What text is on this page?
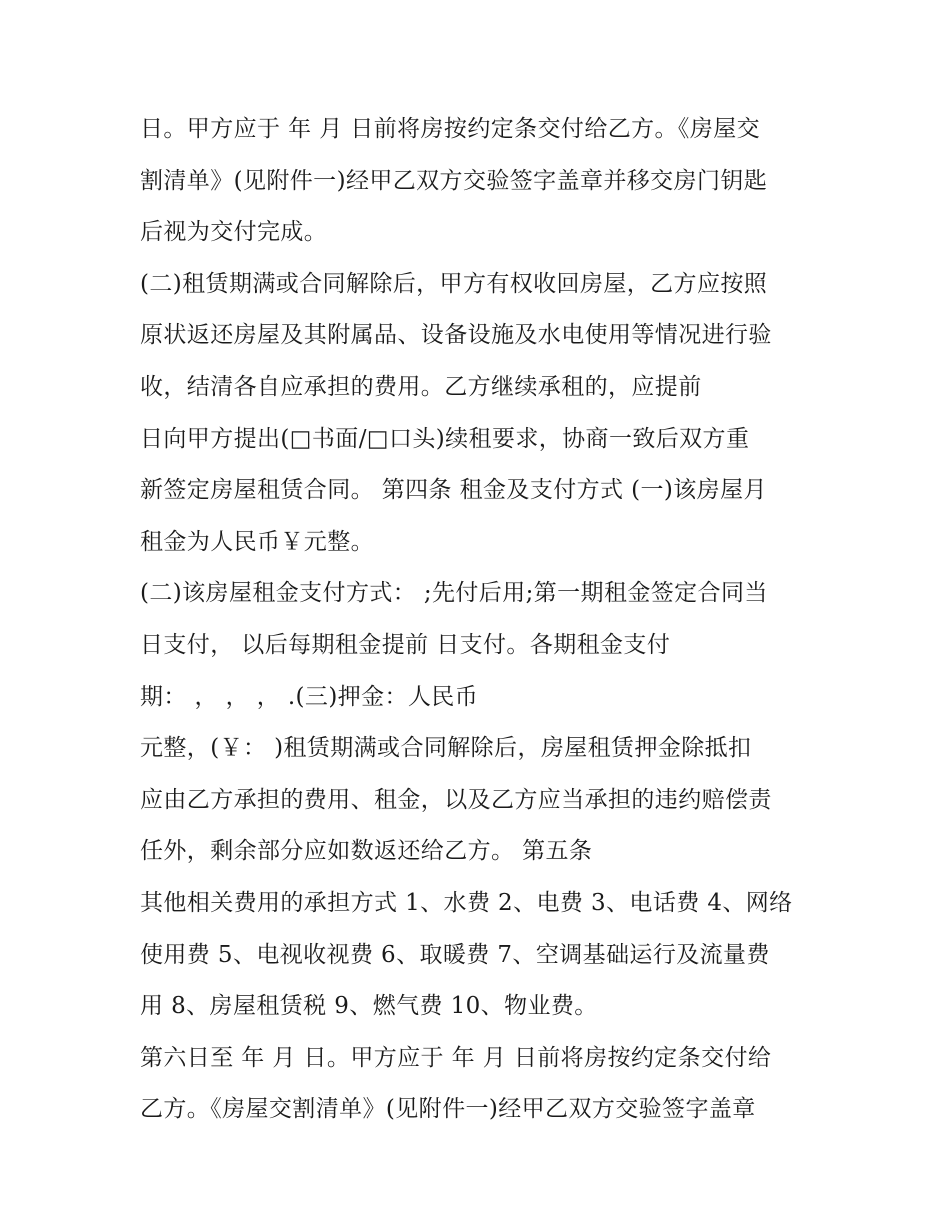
日。甲方应于 年 月 日前将房按约定条交付给乙方。《房屋交
割清单》(见附件一)经甲乙双方交验签字盖章并移交房门钥匙
后视为交付完成。
(二)租赁期满或合同解除后，甲方有权收回房屋，乙方应按照
原状返还房屋及其附属品、设备设施及水电使用等情况进行验
收，结清各自应承担的费用。乙方继续承租的，应提前
日向甲方提出(□书面/□口头)续租要求，协商一致后双方重
新签定房屋租赁合同。 第四条 租金及支付方式 (一)该房屋月
租金为人民币￥元整。
(二)该房屋租金支付方式： ;先付后用;第一期租金签定合同当
日支付， 以后每期租金提前 日支付。各期租金支付
期： ， ， ， .(三)押金：人民币
元整，(￥： )租赁期满或合同解除后，房屋租赁押金除抵扣
应由乙方承担的费用、租金，以及乙方应当承担的违约赔偿责
任外，剩余部分应如数返还给乙方。 第五条
其他相关费用的承担方式 1、水费 2、电费 3、电话费 4、网络
使用费 5、电视收视费 6、取暖费 7、空调基础运行及流量费
用 8、房屋租赁税 9、燃气费 10、物业费。
第六日至 年 月 日。甲方应于 年 月 日前将房按约定条交付给
乙方。《房屋交割清单》(见附件一)经甲乙双方交验签字盖章
